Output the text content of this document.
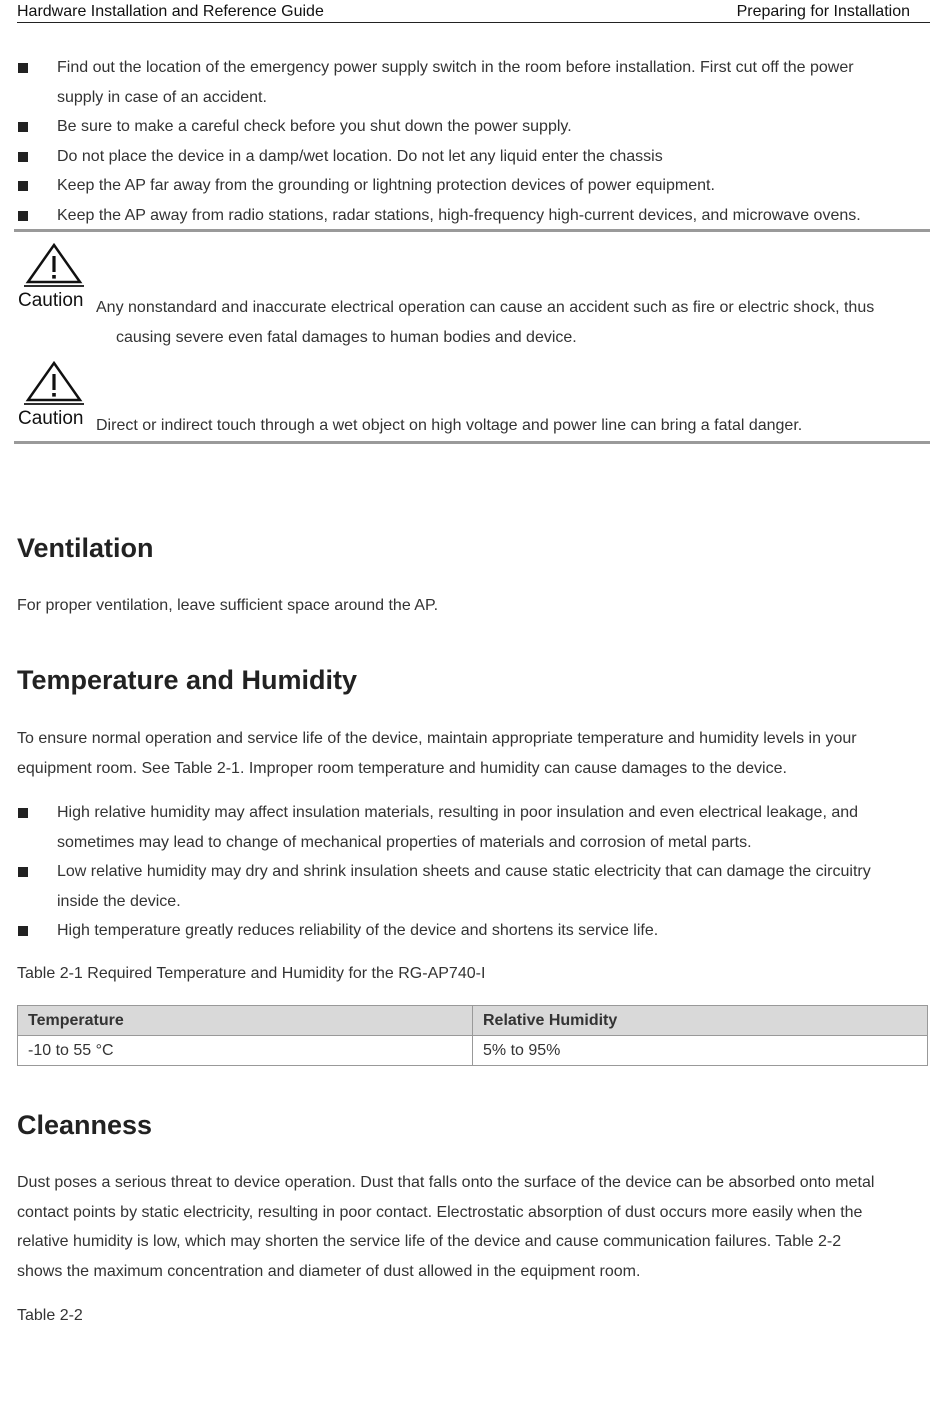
Hardware Installation and Reference Guide	Preparing for Installation
Find out the location of the emergency power supply switch in the room before installation. First cut off the power
supply in case of an accident.
Be sure to make a careful check before you shut down the power supply.
Do not place the device in a damp/wet location. Do not let any liquid enter the chassis
Keep the AP far away from the grounding or lightning protection devices of power equipment.
Keep the AP away from radio stations, radar stations, high-frequency high-current devices, and microwave ovens.
Caution Any nonstandard and inaccurate electrical operation can cause an accident such as fire or electric shock, thus
causing severe even fatal damages to human bodies and device.
Caution Direct or indirect touch through a wet object on high voltage and power line can bring a fatal danger.
Ventilation

For proper ventilation, leave sufficient space around the AP.

Temperature and Humidity

To ensure normal operation and service life of the device, maintain appropriate temperature and humidity levels in your
equipment room. See Table 2-1. Improper room temperature and humidity can cause damages to the device.

High relative humidity may affect insulation materials, resulting in poor insulation and even electrical leakage, and
sometimes may lead to change of mechanical properties of materials and corrosion of metal parts.
Low relative humidity may dry and shrink insulation sheets and cause static electricity that can damage the circuitry
inside the device.
High temperature greatly reduces reliability of the device and shortens its service life.

Table 2-1 Required Temperature and Humidity for the RG-AP740-I

Temperature	Relative Humidity
-10 to 55 °C	5% to 95%
Cleanness

Dust poses a serious threat to device operation. Dust that falls onto the surface of the device can be absorbed onto metal
contact points by static electricity, resulting in poor contact. Electrostatic absorption of dust occurs more easily when the
relative humidity is low, which may shorten the service life of the device and cause communication failures. Table 2-2
shows the maximum concentration and diameter of dust allowed in the equipment room.

Table 2-2
